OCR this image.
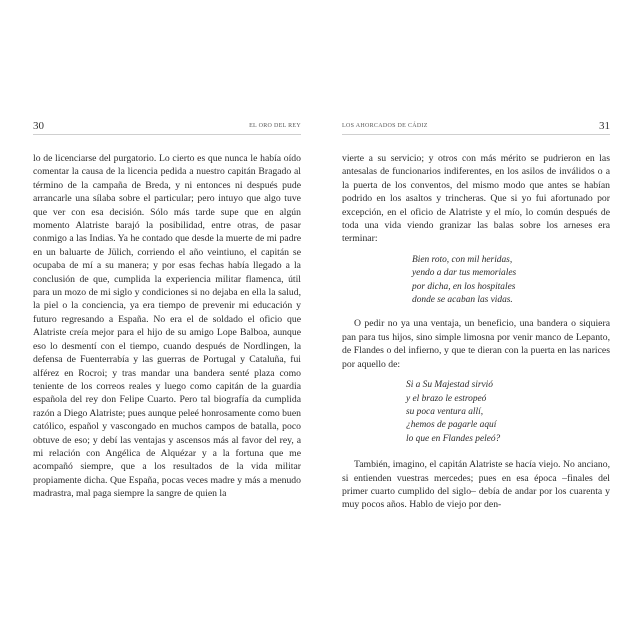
30	EL ORO DEL REY

lo de licenciarse del purgatorio. Lo cierto es que nunca le había oído comentar la causa de la licencia pedida a nuestro capitán Bragado al término de la campaña de Breda, y ni entonces ni después pude arrancarle una sílaba sobre el particular; pero intuyo que algo tuve que ver con esa decisión. Sólo más tarde supe que en algún momento Alatriste barajó la posibilidad, entre otras, de pasar conmigo a las Indias. Ya he contado que desde la muerte de mi padre en un baluarte de Jülich, corriendo el año veintiuno, el capitán se ocupaba de mí a su manera; y por esas fechas había llegado a la conclusión de que, cumplida la experiencia militar flamenca, útil para un mozo de mi siglo y condiciones si no dejaba en ella la salud, la piel o la conciencia, ya era tiempo de prevenir mi educación y futuro regresando a España. No era el de soldado el oficio que Alatriste creía mejor para el hijo de su amigo Lope Balboa, aunque eso lo desmentí con el tiempo, cuando después de Nordlingen, la defensa de Fuenterrabía y las guerras de Portugal y Cataluña, fui alférez en Rocroi; y tras mandar una bandera senté plaza como teniente de los correos reales y luego como capitán de la guardia española del rey don Felipe Cuarto. Pero tal biografía da cumplida razón a Diego Alatriste; pues aunque peleé honrosamente como buen católico, español y vascongado en muchos campos de batalla, poco obtuve de eso; y debí las ventajas y ascensos más al favor del rey, a mi relación con Angélica de Alquézar y a la fortuna que me acompañó siempre, que a los resultados de la vida militar propiamente dicha. Que España, pocas veces madre y más a menudo madrastra, mal paga siempre la sangre de quien la

LOS AHORCADOS DE CÁDIZ	31

vierte a su servicio; y otros con más mérito se pudrieron en las antesalas de funcionarios indiferentes, en los asilos de inválidos o a la puerta de los conventos, del mismo modo que antes se habían podrido en los asaltos y trincheras. Que si yo fui afortunado por excepción, en el oficio de Alatriste y el mío, lo común después de toda una vida viendo granizar las balas sobre los arneses era terminar:

Bien roto, con mil heridas,
yendo a dar tus memoriales
por dicha, en los hospitales
donde se acaban las vidas.

O pedir no ya una ventaja, un beneficio, una bandera o siquiera pan para tus hijos, sino simple limosna por venir manco de Lepanto, de Flandes o del infierno, y que te dieran con la puerta en las narices por aquello de:

Si a Su Majestad sirvió
y el brazo le estropeó
su poca ventura allí,
¿hemos de pagarle aquí
lo que en Flandes peleó?

También, imagino, el capitán Alatriste se hacía viejo. No anciano, si entienden vuestras mercedes; pues en esa época –finales del primer cuarto cumplido del siglo– debía de andar por los cuarenta y muy pocos años. Hablo de viejo por den-
